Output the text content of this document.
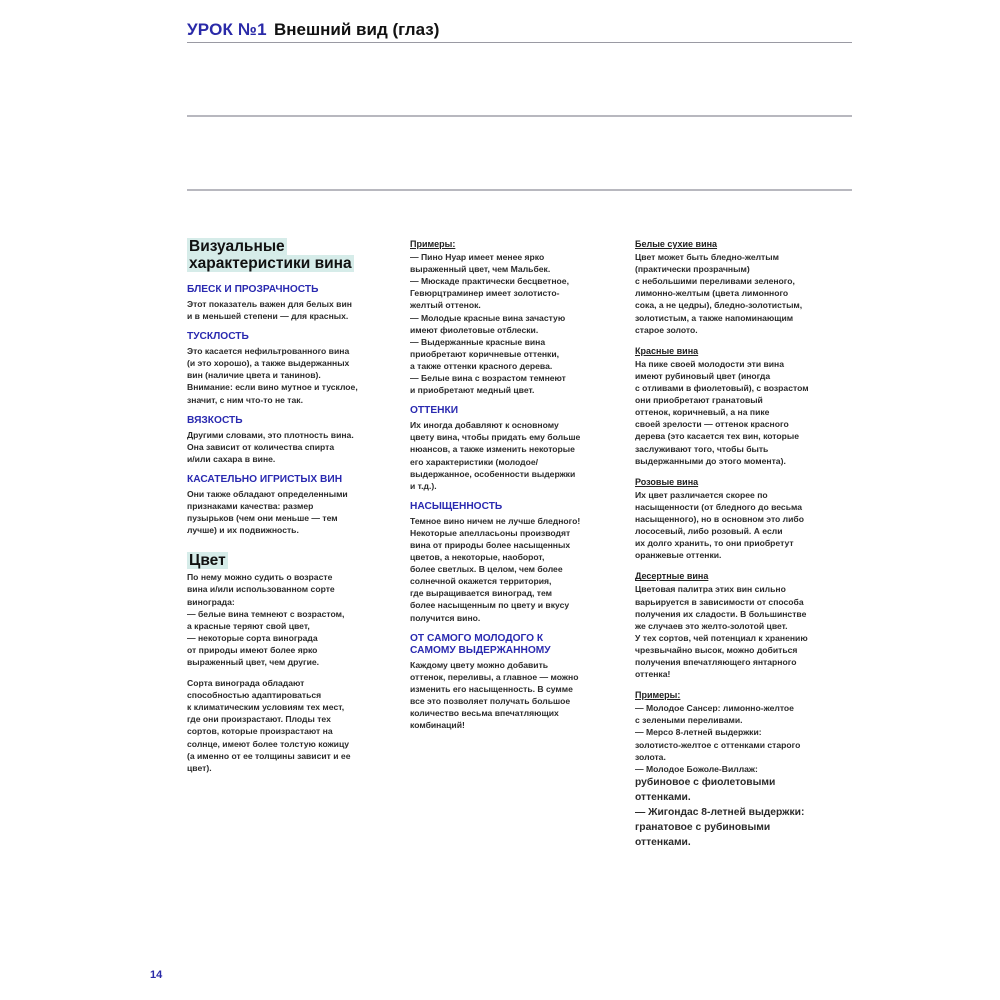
УРОК №1 Внешний вид (глаз)
Визуальные
характеристики вина
БЛЕСК И ПРОЗРАЧНОСТЬ

Этот показатель важен для белых вин
и в меньшей степени — для красных.

ТУСКЛОСТЬ

Это касается нефильтрованного вина
(и это хорошо), а также выдержанных
вин (наличие цвета и танинов).
Внимание: если вино мутное и тусклое,
значит, с ним что-то не так.

ВЯЗКОСТЬ

Другими словами, это плотность вина.
Она зависит от количества спирта
и/или сахара в вине.

КАСАТЕЛЬНО ИГРИСТЫХ ВИН

Они также обладают определенными
признаками качества: размер
пузырьков (чем они меньше — тем
лучше) и их подвижность.

Цвет

По нему можно судить о возрасте
вина и/или использованном сорте
винограда:
— белые вина темнеют с возрастом,
а красные теряют свой цвет,
— некоторые сорта винограда
от природы имеют более ярко
выраженный цвет, чем другие.

Сорта винограда обладают
способностью адаптироваться
к климатическим условиям тех мест,
где они произрастают. Плоды тех
сортов, которые произрастают на
солнце, имеют более толстую кожицу
(а именно от ее толщины зависит и ее
цвет).

Примеры:

— Пино Нуар имеет менее ярко
выраженный цвет, чем Мальбек.
— Мюскаде практически бесцветное,
Гевюрцтраминер имеет золотисто-
желтый оттенок.
— Молодые красные вина зачастую
имеют фиолетовые отблески.
— Выдержанные красные вина
приобретают коричневые оттенки,
а также оттенки красного дерева.
— Белые вина с возрастом темнеют
и приобретают медный цвет.

ОТТЕНКИ

Их иногда добавляют к основному
цвету вина, чтобы придать ему больше
нюансов, а также изменить некоторые
его характеристики (молодое/
выдержанное, особенности выдержки
и т.д.).

НАСЫЩЕННОСТЬ

Темное вино ничем не лучше бледного!
Некоторые апелласьоны производят
вина от природы более насыщенных
цветов, а некоторые, наоборот,
более светлых. В целом, чем более
солнечной окажется территория,
где выращивается виноград, тем
более насыщенным по цвету и вкусу
получится вино.

ОТ САМОГО МОЛОДОГО К
САМОМУ ВЫДЕРЖАННОМУ

Каждому цвету можно добавить
оттенок, переливы, а главное — можно
изменить его насыщенность. В сумме
все это позволяет получать большое
количество весьма впечатляющих
комбинаций!

Белые сухие вина

Цвет может быть бледно-желтым
(практически прозрачным)
с небольшими переливами зеленого,
лимонно-желтым (цвета лимонного
сока, а не цедры), бледно-золотистым,
золотистым, а также напоминающим
старое золото.

Красные вина

На пике своей молодости эти вина
имеют рубиновый цвет (иногда
с отливами в фиолетовый), с возрастом
они приобретают гранатовый
оттенок, коричневый, а на пике
своей зрелости — оттенок красного
дерева (это касается тех вин, которые
заслуживают того, чтобы быть
выдержанными до этого момента).

Розовые вина

Их цвет различается скорее по
насыщенности (от бледного до весьма
насыщенного), но в основном это либо
лососевый, либо розовый. А если
их долго хранить, то они приобретут
оранжевые оттенки.

Десертные вина

Цветовая палитра этих вин сильно
варьируется в зависимости от способа
получения их сладости. В большинстве
же случаев это желто-золотой цвет.
У тех сортов, чей потенциал к хранению
чрезвычайно высок, можно добиться
получения впечатляющего янтарного
оттенка!

Примеры:

— Молодое Сансер: лимонно-желтое
с зелеными переливами.
— Мерсо 8-летней выдержки:
золотисто-желтое с оттенками старого
золота.
— Молодое Божоле-Виллаж:

рубиновое с фиолетовыми
оттенками.
— Жигондас 8-летней выдержки:
гранатовое с рубиновыми
оттенками.

14
